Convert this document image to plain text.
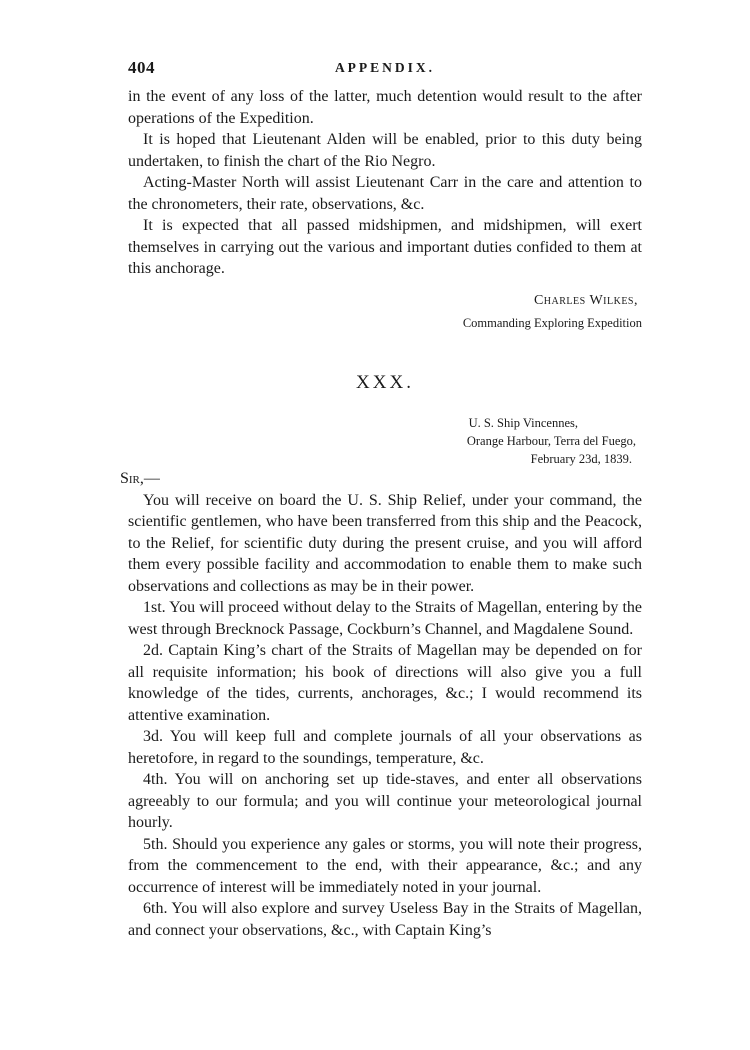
404	APPENDIX.

in the event of any loss of the latter, much detention would result to the after operations of the Expedition.

It is hoped that Lieutenant Alden will be enabled, prior to this duty being undertaken, to finish the chart of the Rio Negro.

Acting-Master North will assist Lieutenant Carr in the care and attention to the chronometers, their rate, observations, &c.

It is expected that all passed midshipmen, and midshipmen, will exert themselves in carrying out the various and important duties confided to them at this anchorage.

Charles Wilkes,
Commanding Exploring Expedition
XXX.
U. S. Ship Vincennes,
Orange Harbour, Terra del Fuego,
February 23d, 1839.
Sir,—

You will receive on board the U. S. Ship Relief, under your command, the scientific gentlemen, who have been transferred from this ship and the Peacock, to the Relief, for scientific duty during the present cruise, and you will afford them every possible facility and accommodation to enable them to make such observations and collections as may be in their power.

1st. You will proceed without delay to the Straits of Magellan, entering by the west through Brecknock Passage, Cockburn’s Channel, and Magdalene Sound.

2d. Captain King’s chart of the Straits of Magellan may be depended on for all requisite information; his book of directions will also give you a full knowledge of the tides, currents, anchorages, &c.; I would recommend its attentive examination.

3d. You will keep full and complete journals of all your observations as heretofore, in regard to the soundings, temperature, &c.

4th. You will on anchoring set up tide-staves, and enter all observations agreeably to our formula; and you will continue your meteorological journal hourly.

5th. Should you experience any gales or storms, you will note their progress, from the commencement to the end, with their appearance, &c.; and any occurrence of interest will be immediately noted in your journal.

6th. You will also explore and survey Useless Bay in the Straits of Magellan, and connect your observations, &c., with Captain King’s
